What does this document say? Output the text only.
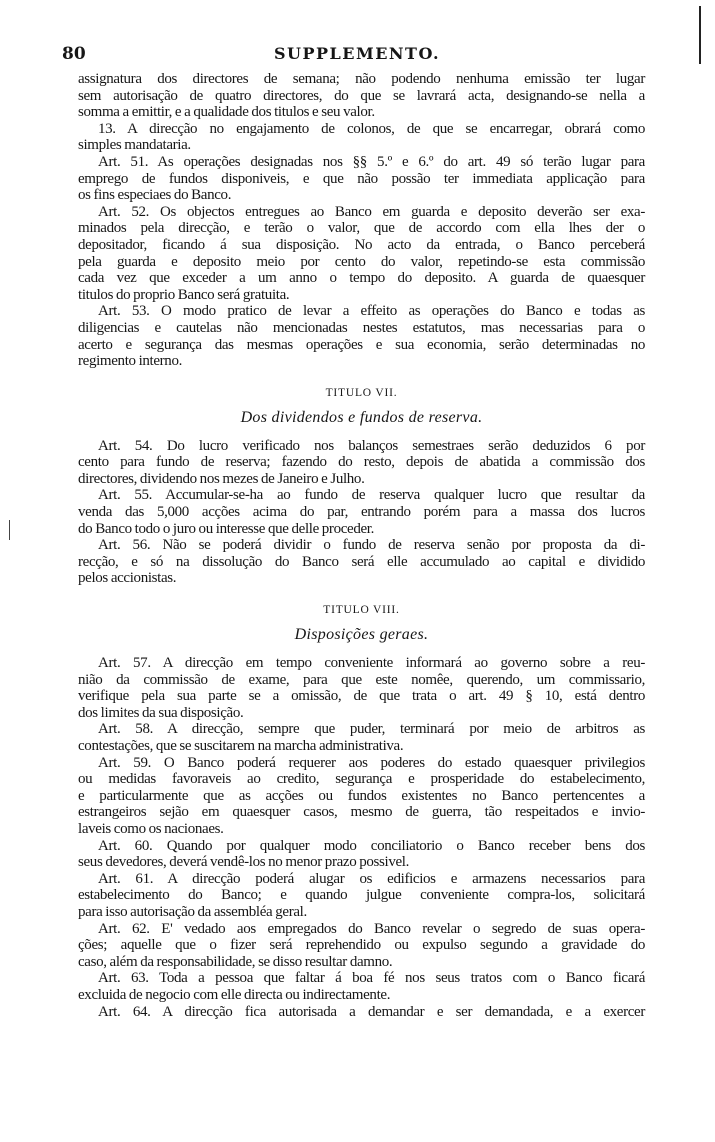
80	SUPPLEMENTO.
assignatura dos directores de semana; não podendo nenhuma emissão ter lugar
sem autorisação de quatro directores, do que se lavrará acta, designando-se nella a
somma a emittir, e a qualidade dos titulos e seu valor.
13. A direcção no engajamento de colonos, de que se encarregar, obrará como
simples mandataria.
Art. 51. As operações designadas nos §§ 5.º e 6.º do art. 49 só terão lugar para
emprego de fundos disponiveis, e que não possão ter immediata applicação para
os fins especiaes do Banco.
Art. 52. Os objectos entregues ao Banco em guarda e deposito deverão ser exa-
minados pela direcção, e terão o valor, que de accordo com ella lhes der o
depositador, ficando á sua disposição. No acto da entrada, o Banco perceberá
pela guarda e deposito meio por cento do valor, repetindo-se esta commissão
cada vez que exceder a um anno o tempo do deposito. A guarda de quaesquer
titulos do proprio Banco será gratuita.
Art. 53. O modo pratico de levar a effeito as operações do Banco e todas as
diligencias e cautelas não mencionadas nestes estatutos, mas necessarias para o
acerto e segurança das mesmas operações e sua economia, serão determinadas no
regimento interno.
TITULO VII.
Dos dividendos e fundos de reserva.
Art. 54. Do lucro verificado nos balanços semestraes serão deduzidos 6 por
cento para fundo de reserva; fazendo do resto, depois de abatida a commissão dos
directores, dividendo nos mezes de Janeiro e Julho.
Art. 55. Accumular-se-ha ao fundo de reserva qualquer lucro que resultar da
venda das 5,000 acções acima do par, entrando porém para a massa dos lucros
do Banco todo o juro ou interesse que delle proceder.
Art. 56. Não se poderá dividir o fundo de reserva senão por proposta da di-
recção, e só na dissolução do Banco será elle accumulado ao capital e dividido
pelos accionistas.
TITULO VIII.
Disposições geraes.
Art. 57. A direcção em tempo conveniente informará ao governo sobre a reu-
nião da commissão de exame, para que este nomêe, querendo, um commissario,
verifique pela sua parte se a omissão, de que trata o art. 49 § 10, está dentro
dos limites da sua disposição.
Art. 58. A direcção, sempre que puder, terminará por meio de arbitros as
contestações, que se suscitarem na marcha administrativa.
Art. 59. O Banco poderá requerer aos poderes do estado quaesquer privilegios
ou medidas favoraveis ao credito, segurança e prosperidade do estabelecimento,
e particularmente que as acções ou fundos existentes no Banco pertencentes a
estrangeiros sejão em quaesquer casos, mesmo de guerra, tão respeitados e invio-
laveis como os nacionaes.
Art. 60. Quando por qualquer modo conciliatorio o Banco receber bens dos
seus devedores, deverá vendê-los no menor prazo possivel.
Art. 61. A direcção poderá alugar os edificios e armazens necessarios para
estabelecimento do Banco; e quando julgue conveniente compra-los, solicitará
para isso autorisação da assembléa geral.
Art. 62. E' vedado aos empregados do Banco revelar o segredo de suas opera-
ções; aquelle que o fizer será reprehendido ou expulso segundo a gravidade do
caso, além da responsabilidade, se disso resultar damno.
Art. 63. Toda a pessoa que faltar á boa fé nos seus tratos com o Banco ficará
excluida de negocio com elle directa ou indirectamente.
Art. 64. A direcção fica autorisada a demandar e ser demandada, e a exercer
